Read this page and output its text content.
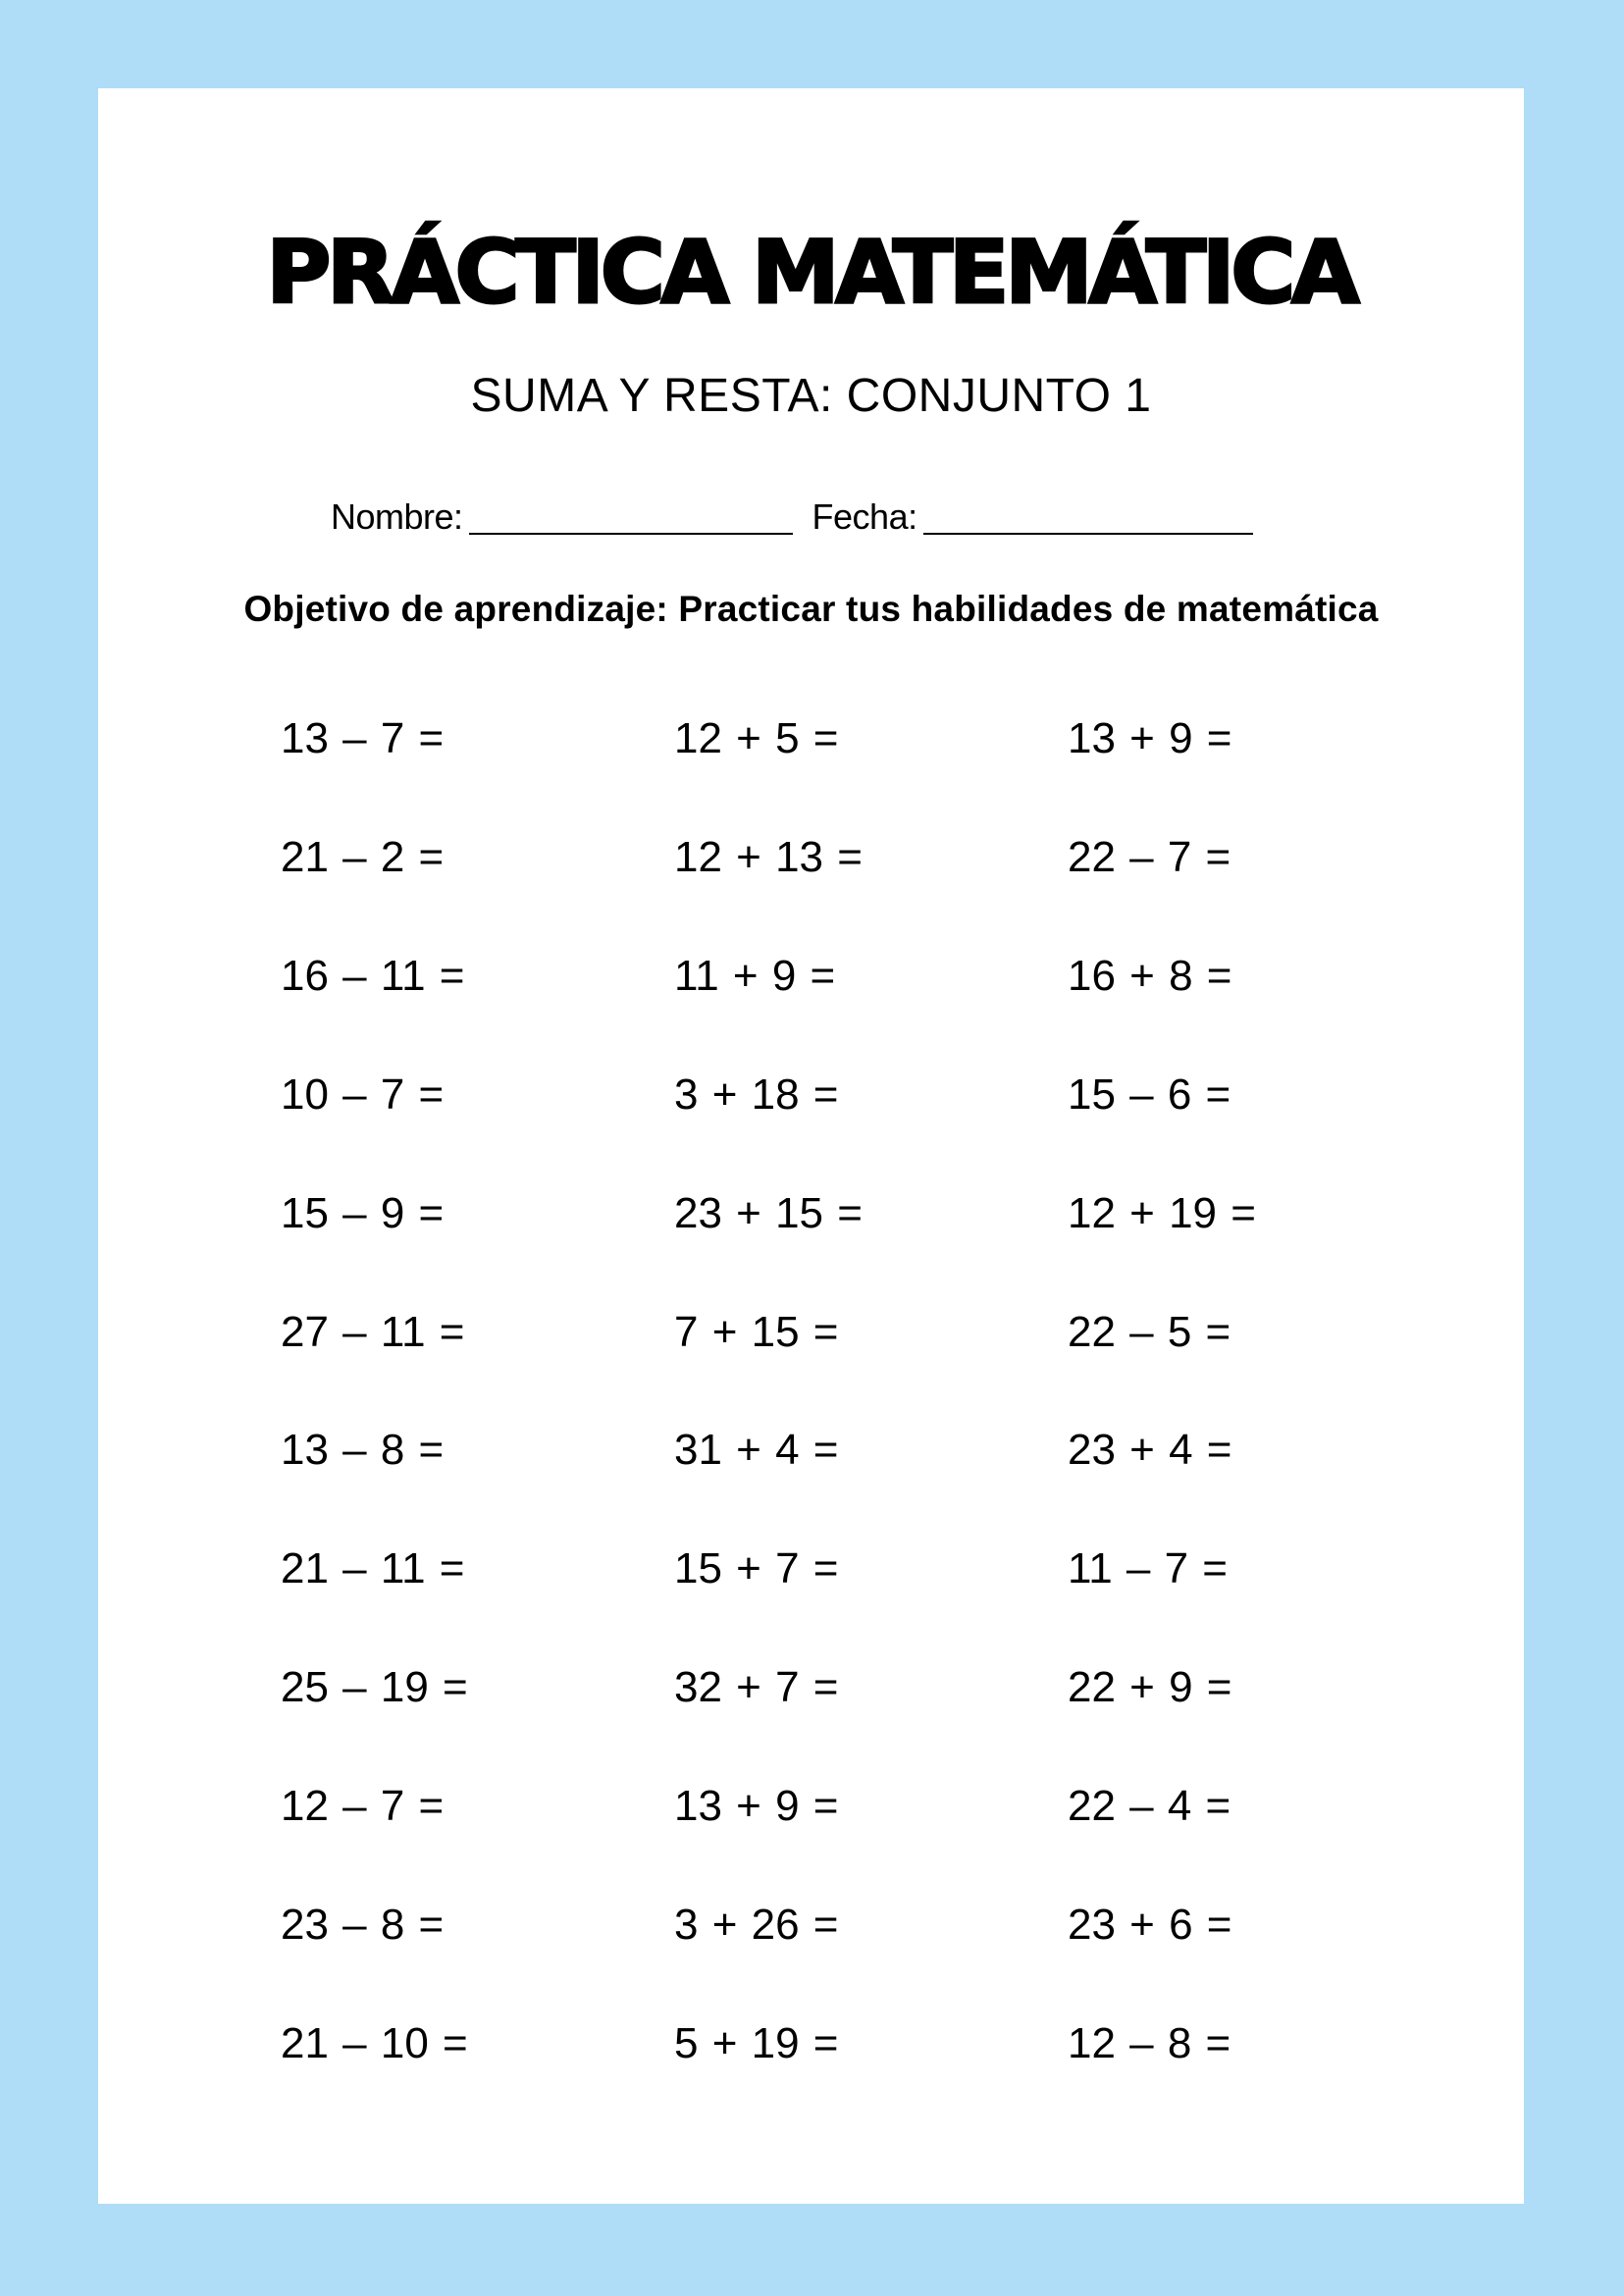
PRÁCTICA MATEMÁTICA
SUMA Y RESTA: CONJUNTO 1
Nombre:	Fecha:

Objetivo de aprendizaje: Practicar tus habilidades de matemática

13 – 7 =	12 + 5 =	13 + 9 =
21 – 2 =	12 + 13 =	22 – 7 =
16 – 11 =	11 + 9 =	16 + 8 =
10 – 7 =	3 + 18 =	15 – 6 =
15 – 9 =	23 + 15 =	12 + 19 =
27 – 11 =	7 + 15 =	22 – 5 =
13 – 8 =	31 + 4 =	23 + 4 =
21 – 11 =	15 + 7 =	11 – 7 =
25 – 19 =	32 + 7 =	22 + 9 =
12 – 7 =	13 + 9 =	22 – 4 =
23 – 8 =	3 + 26 =	23 + 6 =
21 – 10 =	5 + 19 =	12 – 8 =
